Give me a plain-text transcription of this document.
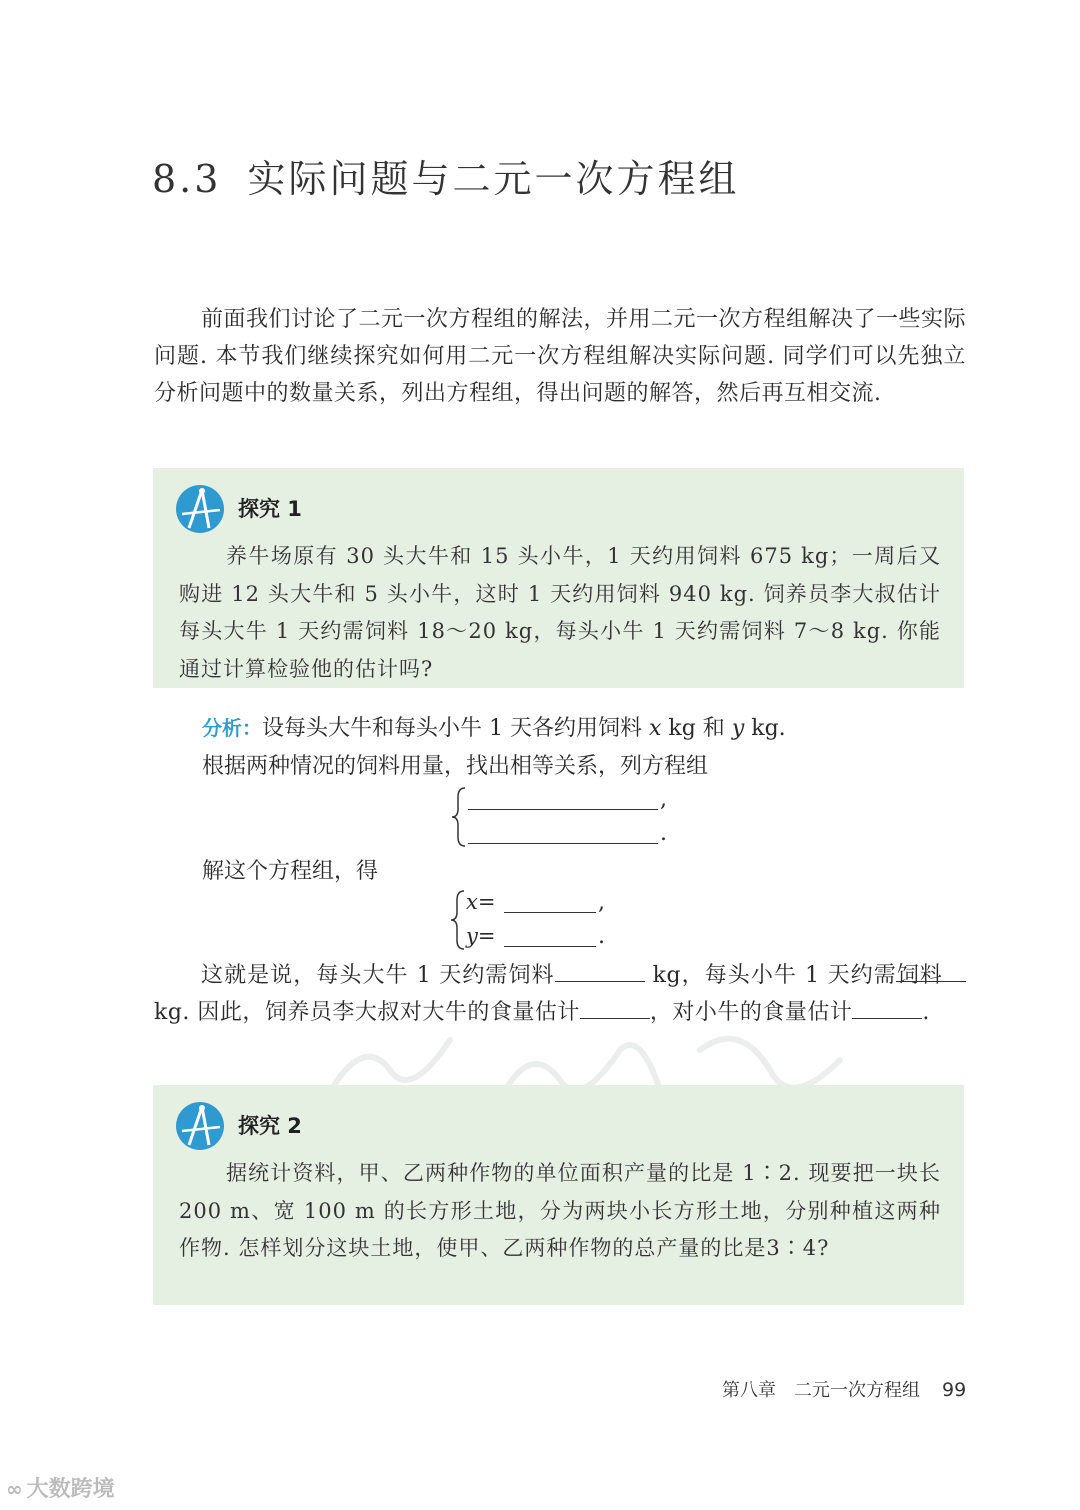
8.3 实际问题与二元一次方程组

前面我们讨论了二元一次方程组的解法，并用二元一次方程组解决了一些实际问题. 本节我们继续探究如何用二元一次方程组解决实际问题. 同学们可以先独立分析问题中的数量关系，列出方程组，得出问题的解答，然后再互相交流.

探究 1

养牛场原有 30 头大牛和 15 头小牛，1 天约用饲料 675 kg；一周后又购进 12 头大牛和 5 头小牛，这时 1 天约用饲料 940 kg. 饲养员李大叔估计每头大牛 1 天约需饲料 18～20 kg，每头小牛 1 天约需饲料 7～8 kg. 你能通过计算检验他的估计吗?

分析：设每头大牛和每头小牛 1 天各约用饲料 x kg 和 y kg.
根据两种情况的饲料用量，找出相等关系，列方程组
,
.
解这个方程组，得
x=	,
y=	.

这就是说，每头大牛 1 天约需饲料	kg，每头小牛 1 天约需饲料kg. 因此，饲养员李大叔对大牛的食量估计	，对小牛的食量估计	.

探究 2

据统计资料，甲、乙两种作物的单位面积产量的比是 1∶2. 现要把一块长 200 m、宽 100 m 的长方形土地，分为两块小长方形土地，分别种植这两种作物. 怎样划分这块土地，使甲、乙两种作物的总产量的比是3∶4?

第八章　二元一次方程组 99
∞ 大数跨境
